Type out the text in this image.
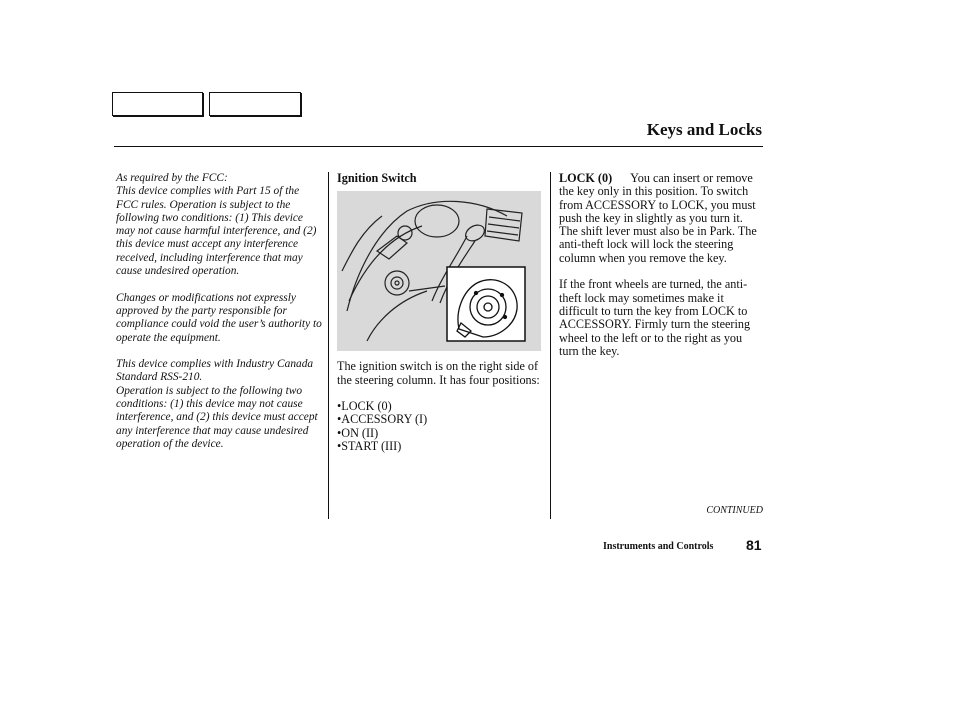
Keys and Locks

As required by the FCC:
This device complies with Part 15 of the FCC rules. Operation is subject to the following two conditions: (1) This device may not cause harmful interference, and (2) this device must accept any interference received, including interference that may cause undesired operation.

Changes or modifications not expressly approved by the party responsible for compliance could void the user’s authority to operate the equipment.

This device complies with Industry Canada Standard RSS-210.
Operation is subject to the following two conditions: (1) this device may not cause interference, and (2) this device must accept any interference that may cause undesired operation of the device.

Ignition Switch

The ignition switch is on the right side of the steering column. It has four positions:

•LOCK (0)
•ACCESSORY (I)
•ON (II)
•START (III)

LOCK (0) You can insert or remove the key only in this position. To switch from ACCESSORY to LOCK, you must push the key in slightly as you turn it. The shift lever must also be in Park. The anti-theft lock will lock the steering column when you remove the key.

If the front wheels are turned, the anti-theft lock may sometimes make it difficult to turn the key from LOCK to ACCESSORY. Firmly turn the steering wheel to the left or to the right as you turn the key.

CONTINUED
Instruments and Controls 81
